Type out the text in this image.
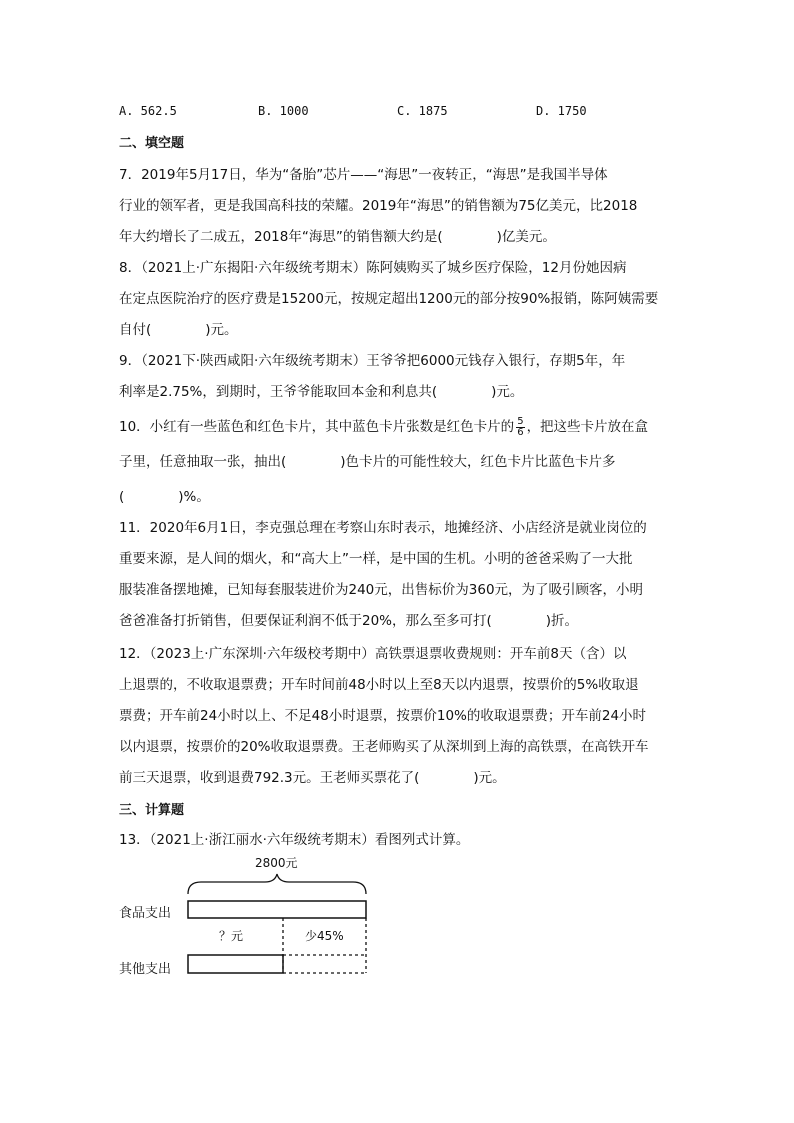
A. 562.5	B. 1000	C. 1875	D. 1750
二、填空题
7．2019年5月17日，华为“备胎”芯片——“海思”一夜转正，“海思”是我国半导体
行业的领军者，更是我国高科技的荣耀。2019年“海思”的销售额为75亿美元，比2018
年大约增长了二成五，2018年“海思”的销售额大约是(　　　　)亿美元。
8．（2021上·广东揭阳·六年级统考期末）陈阿姨购买了城乡医疗保险，12月份她因病
在定点医院治疗的医疗费是15200元，按规定超出1200元的部分按90%报销，陈阿姨需要
自付(　　　　)元。
9．（2021下·陕西咸阳·六年级统考期末）王爷爷把6000元钱存入银行，存期5年，年
利率是2.75%，到期时，王爷爷能取回本金和利息共(　　　　)元。
10．小红有一些蓝色和红色卡片，其中蓝色卡片张数是红色卡片的 $\frac{5}{6}$ ，把这些卡片放在盒
子里，任意抽取一张，抽出(　　　　)色卡片的可能性较大，红色卡片比蓝色卡片多
(　　　　)%。
11．2020年6月1日，李克强总理在考察山东时表示，地摊经济、小店经济是就业岗位的
重要来源，是人间的烟火，和“高大上”一样，是中国的生机。小明的爸爸采购了一大批
服装准备摆地摊，已知每套服装进价为240元，出售标价为360元，为了吸引顾客，小明
爸爸准备打折销售，但要保证利润不低于20%，那么至多可打(　　　　)折。
12．（2023上·广东深圳·六年级校考期中）高铁票退票收费规则：开车前8天（含）以
上退票的，不收取退票费；开车时间前48小时以上至8天以内退票，按票价的5%收取退
票费；开车前24小时以上、不足48小时退票，按票价10%的收取退票费；开车前24小时
以内退票，按票价的20%收取退票费。王老师购买了从深圳到上海的高铁票，在高铁开车
前三天退票，收到退费792.3元。王老师买票花了(　　　　)元。
三、计算题
13．（2021上·浙江丽水·六年级统考期末）看图列式计算。
2800元
食品支出
？元	少45%
其他支出
